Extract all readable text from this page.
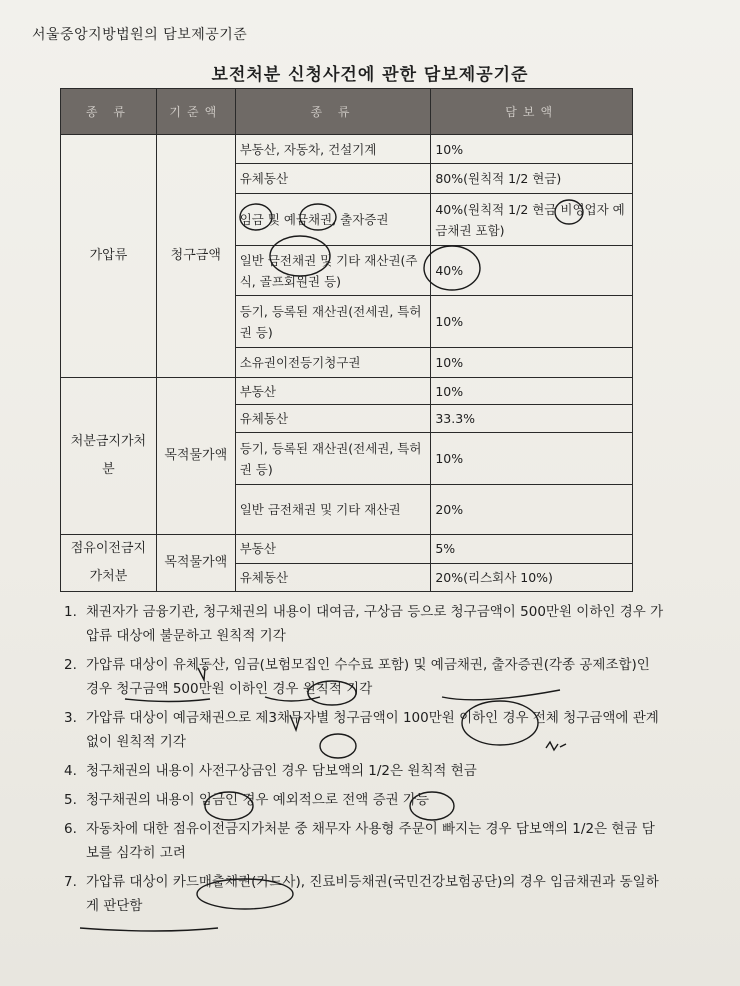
서울중앙지방법원의 담보제공기준
보전처분 신청사건에 관한 담보제공기준
종 류	기준액	종 류	담보액
가압류	청구금액	부동산, 자동차, 건설기계	10%
		유체동산	80%(원칙적 1/2 현금)
		임금 및 예금채권, 출자증권	40%(원칙적 1/2 현금 비영업자 예금채권 포함)
		일반 금전채권 및 기타 재산권(주식, 골프회원권 등)	40%
		등기, 등록된 재산권(전세권, 특허권 등)	10%
		소유권이전등기청구권	10%
처분금지가처분	목적물가액	부동산	10%
		유체동산	33.3%
		등기, 등록된 재산권(전세권, 특허권 등)	10%
		일반 금전채권 및 기타 재산권	20%
점유이전금지가처분	목적물가액	부동산	5%
		유체동산	20%(리스회사 10%)
1. 채권자가 금융기관, 청구채권의 내용이 대여금, 구상금 등으로 청구금액이 500만원 이하인 경우 가압류 대상에 불문하고 원칙적 기각
2. 가압류 대상이 유체동산, 임금(보험모집인 수수료 포함) 및 예금채권, 출자증권(각종 공제조합)인 경우 청구금액 500만원 이하인 경우 원칙적 기각
3. 가압류 대상이 예금채권으로 제3채무자별 청구금액이 100만원 이하인 경우 전체 청구금액에 관계없이 원칙적 기각
4. 청구채권의 내용이 사전구상금인 경우 담보액의 1/2은 원칙적 현금
5. 청구채권의 내용이 임금인 경우 예외적으로 전액 증권 가능
6. 자동차에 대한 점유이전금지가처분 중 채무자 사용형 주문이 빠지는 경우 담보액의 1/2은 현금 담보를 심각히 고려
7. 가압류 대상이 카드매출채권(카드사), 진료비등채권(국민건강보험공단)의 경우 임금채권과 동일하게 판단함
